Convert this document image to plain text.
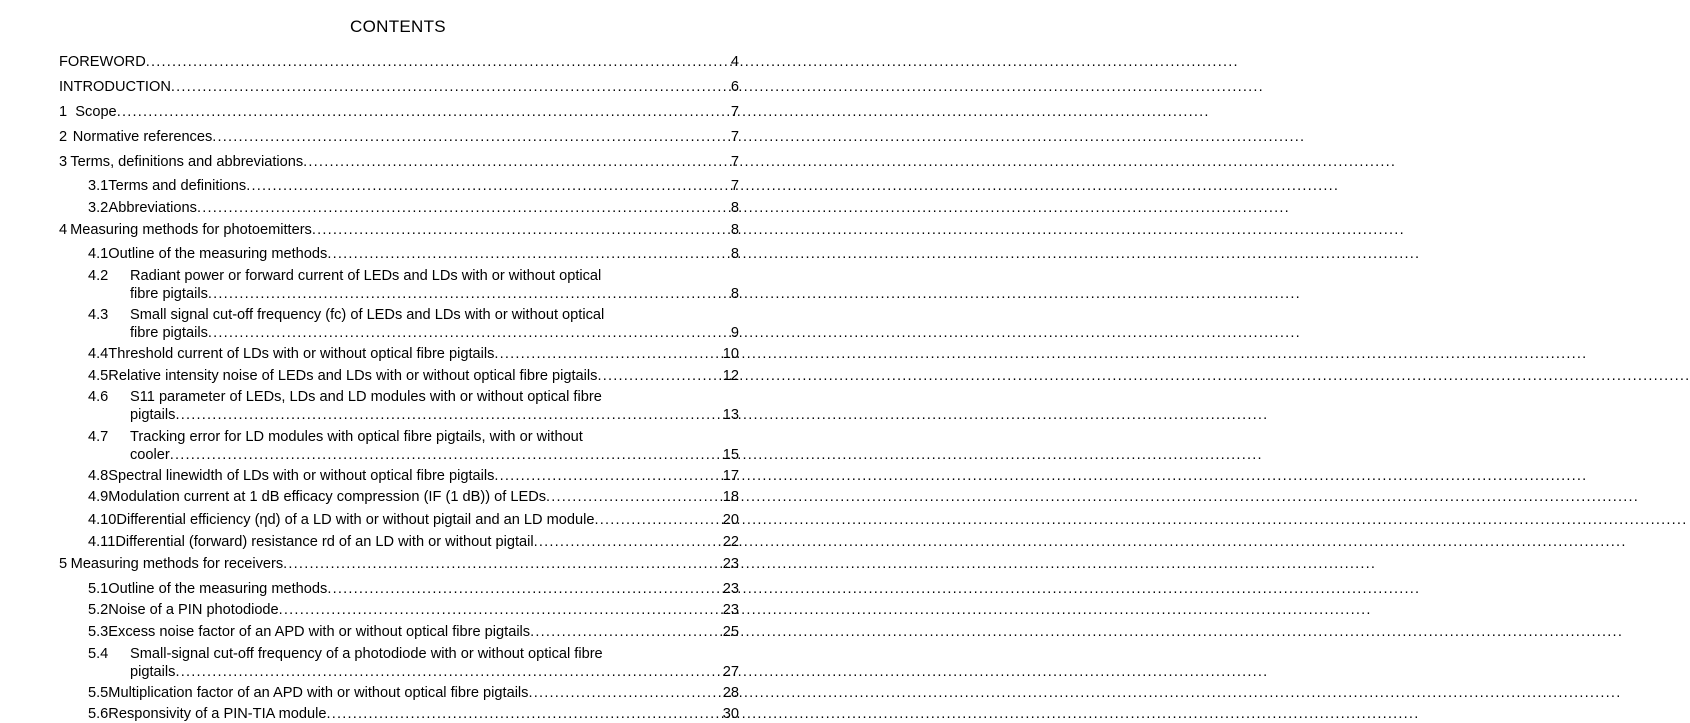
CONTENTS
FOREWORD .....	4
INTRODUCTION .....	6
1 Scope .....	7
2 Normative references .....	7
3 Terms, definitions and abbreviations .....	7
3.1 Terms and definitions .....	7
3.2 Abbreviations .....	8
4 Measuring methods for photoemitters .....	8
4.1 Outline of the measuring methods .....	8
4.2 Radiant power or forward current of LEDs and LDs with or without optical
fibre pigtails .....	8
4.3 Small signal cut-off frequency (fc) of LEDs and LDs with or without optical
fibre pigtails .....	9
4.4 Threshold current of LDs with or without optical fibre pigtails .....	10
4.5 Relative intensity noise of LEDs and LDs with or without optical fibre pigtails .....	12
4.6 S11 parameter of LEDs, LDs and LD modules with or without optical fibre
pigtails .....	13
4.7 Tracking error for LD modules with optical fibre pigtails, with or without
cooler .....	15
4.8 Spectral linewidth of LDs with or without optical fibre pigtails .....	17
4.9 Modulation current at 1 dB efficacy compression (IF (1 dB)) of LEDs .....	18
4.10 Differential efficiency (ηd) of a LD with or without pigtail and an LD module .....	20
4.11 Differential (forward) resistance rd of an LD with or without pigtail .....	22
5 Measuring methods for receivers .....	23
5.1 Outline of the measuring methods .....	23
5.2 Noise of a PIN photodiode .....	23
5.3 Excess noise factor of an APD with or without optical fibre pigtails .....	25
5.4 Small-signal cut-off frequency of a photodiode with or without optical fibre
pigtails .....	27
5.5 Multiplication factor of an APD with or without optical fibre pigtails .....	28
5.6 Responsivity of a PIN-TIA module .....	30
